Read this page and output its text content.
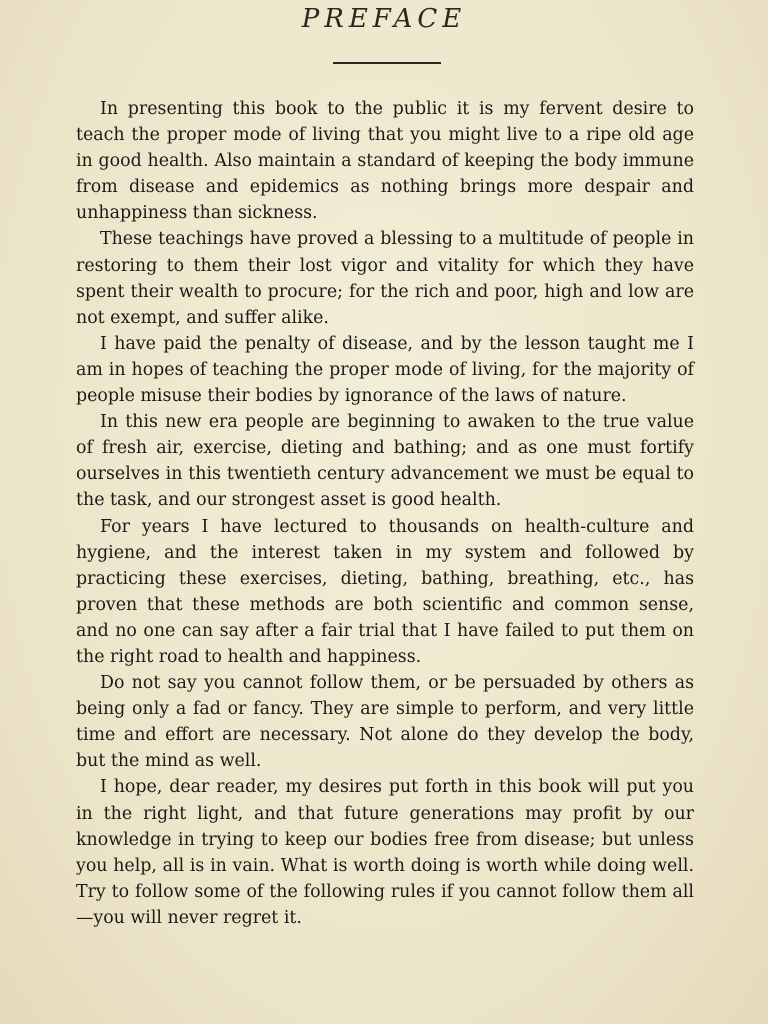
PREFACE

In presenting this book to the public it is my fervent desire to teach the proper mode of living that you might live to a ripe old age in good health. Also maintain a standard of keeping the body immune from disease and epidemics as nothing brings more despair and unhappiness than sickness.

These teachings have proved a blessing to a multitude of people in restoring to them their lost vigor and vitality for which they have spent their wealth to procure; for the rich and poor, high and low are not exempt, and suffer alike.

I have paid the penalty of disease, and by the lesson taught me I am in hopes of teaching the proper mode of living, for the majority of people misuse their bodies by ignorance of the laws of nature.

In this new era people are beginning to awaken to the true value of fresh air, exercise, dieting and bathing; and as one must fortify ourselves in this twentieth century advancement we must be equal to the task, and our strongest asset is good health.

For years I have lectured to thousands on health-culture and hygiene, and the interest taken in my system and followed by practicing these exercises, dieting, bathing, breathing, etc., has proven that these methods are both scientific and common sense, and no one can say after a fair trial that I have failed to put them on the right road to health and happiness.

Do not say you cannot follow them, or be persuaded by others as being only a fad or fancy. They are simple to perform, and very little time and effort are necessary. Not alone do they develop the body, but the mind as well.

I hope, dear reader, my desires put forth in this book will put you in the right light, and that future generations may profit by our knowledge in trying to keep our bodies free from disease; but unless you help, all is in vain. What is worth doing is worth while doing well. Try to follow some of the following rules if you cannot follow them all—you will never regret it.
